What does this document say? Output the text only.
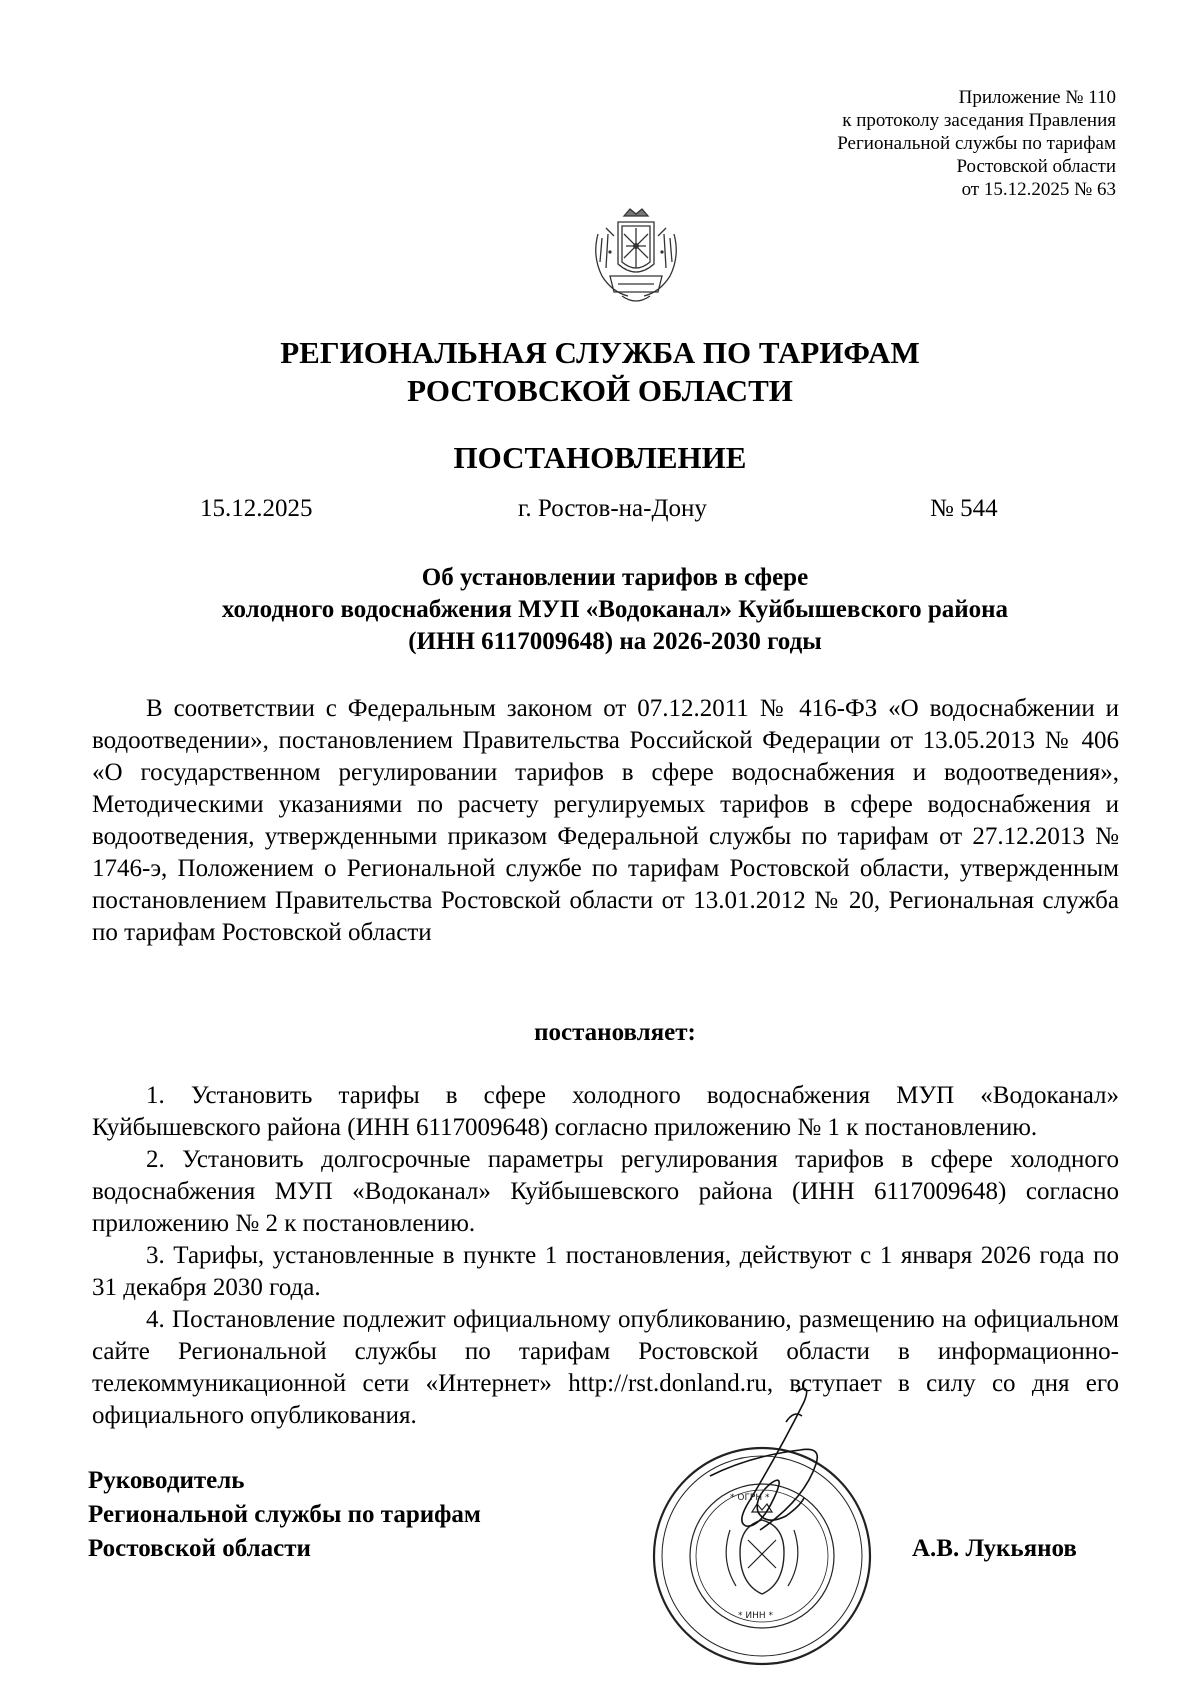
Приложение № 110
к протоколу заседания Правления
Региональной службы по тарифам
Ростовской области
от 15.12.2025 № 63
РЕГИОНАЛЬНАЯ СЛУЖБА ПО ТАРИФАМ
РОСТОВСКОЙ ОБЛАСТИ
ПОСТАНОВЛЕНИЕ
15.12.2025	г. Ростов-на-Дону	№ 544
Об установлении тарифов в сфере
холодного водоснабжения МУП «Водоканал» Куйбышевского района
(ИНН 6117009648) на 2026-2030 годы

В соответствии с Федеральным законом от 07.12.2011 № 416-ФЗ «О водоснабжении и водоотведении», постановлением Правительства Российской Федерации от 13.05.2013 № 406 «О государственном регулировании тарифов в сфере водоснабжения и водоотведения», Методическими указаниями по расчету регулируемых тарифов в сфере водоснабжения и водоотведения, утвержденными приказом Федеральной службы по тарифам от 27.12.2013 № 1746-э, Положением о Региональной службе по тарифам Ростовской области, утвержденным постановлением Правительства Ростовской области от 13.01.2012 № 20, Региональная служба по тарифам Ростовской области

постановляет:

1. Установить тарифы в сфере холодного водоснабжения МУП «Водоканал» Куйбышевского района (ИНН 6117009648) согласно приложению № 1 к постановлению.

2. Установить долгосрочные параметры регулирования тарифов в сфере холодного водоснабжения МУП «Водоканал» Куйбышевского района (ИНН 6117009648) согласно приложению № 2 к постановлению.

3. Тарифы, установленные в пункте 1 постановления, действуют с 1 января 2026 года по 31 декабря 2030 года.

4. Постановление подлежит официальному опубликованию, размещению на официальном сайте Региональной службы по тарифам Ростовской области в информационно-телекоммуникационной сети «Интернет» http://rst.donland.ru, вступает в силу со дня его официального опубликования.

* ОГРН *
* ИНН *
Руководитель
Региональной службы по тарифам
Ростовской области	А.В. Лукьянов
